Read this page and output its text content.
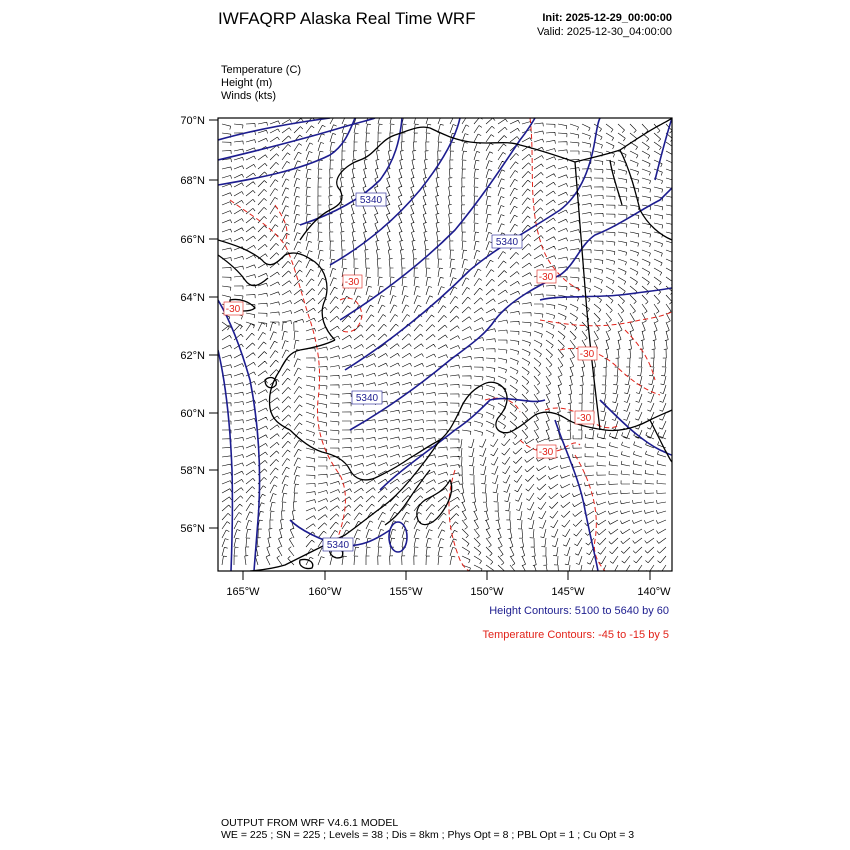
IWFAQRP Alaska Real Time WRF	Init: 2025-12-29_00:00:00
Valid: 2025-12-30_04:00:00
Temperature (C)
Height (m)
Winds (kts)
5340
5340
5340
5340
-30	-30
-30
-30
-30
-30
70°N
68°N
66°N
64°N
62°N
60°N
58°N
56°N
165°W	160°W	155°W	150°W	145°W	140°W
Height Contours: 5100 to 5640 by 60
Temperature Contours: -45 to -15 by 5
OUTPUT FROM WRF V4.6.1 MODEL
WE = 225 ; SN = 225 ; Levels = 38 ; Dis = 8km ; Phys Opt = 8 ; PBL Opt = 1 ; Cu Opt = 3
